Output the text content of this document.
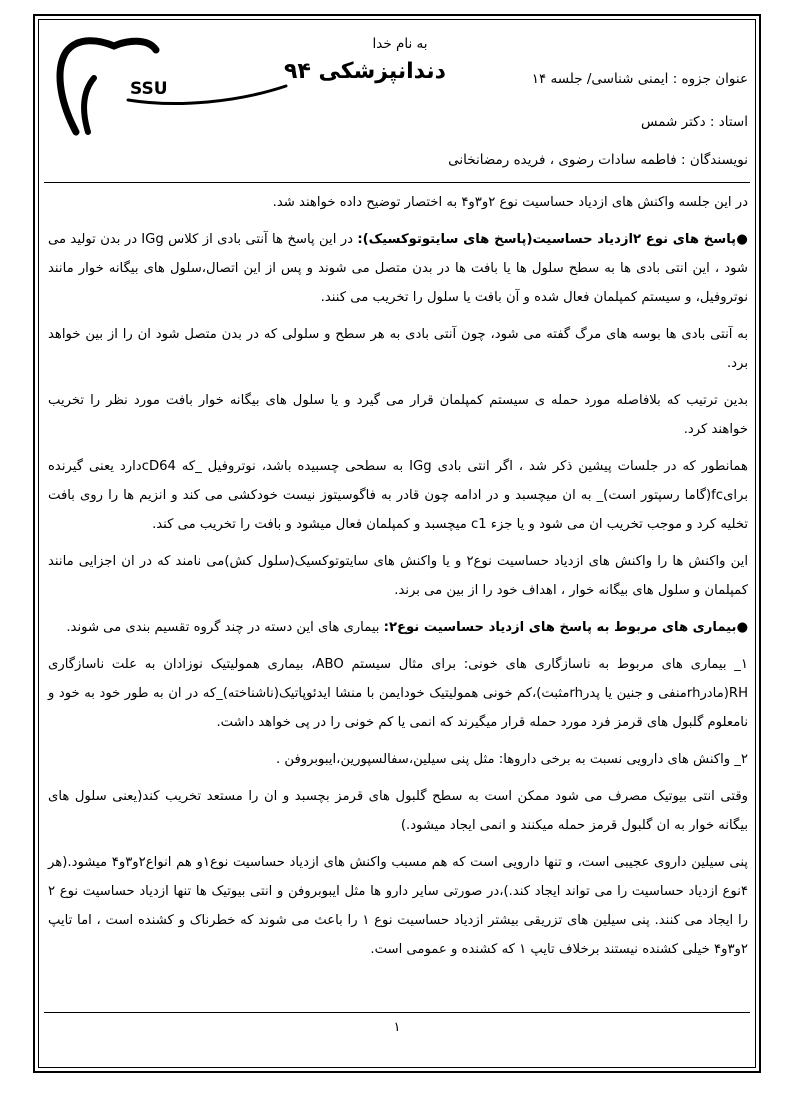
به نام خدا
دندانپزشکی ۹۴
SSU	عنوان جزوه : ایمنی شناسی/ جلسه ۱۴
استاد : دکتر شمس
نویسندگان : فاطمه سادات رضوی ، فریده رمضانخانی

در این جلسه واکنش های ازدیاد حساسیت نوع ۲و۳و۴ به اختصار توضیح داده خواهند شد.

●پاسخ های نوع ۲ازدیاد حساسیت(پاسخ های سایتوتوکسیک): در این پاسخ ها آنتی بادی از کلاس IGg در بدن تولید می شود ، این انتی بادی ها به سطح سلول ها یا بافت ها در بدن متصل می شوند و پس از این اتصال،سلول های بیگانه خوار مانند نوتروفیل، و سیستم کمپلمان فعال شده و آن بافت یا سلول را تخریب می کنند.

به آنتی بادی ها بوسه های مرگ گفته می شود، چون آنتی بادی به هر سطح و سلولی که در بدن متصل شود ان را از بین خواهد برد.

بدین ترتیب که بلافاصله مورد حمله ی سیستم کمپلمان قرار می گیرد و یا سلول های بیگانه خوار بافت مورد نظر را تخریب خواهند کرد.

همانطور که در جلسات پیشین ذکر شد ، اگر انتی بادی IGg به سطحی چسبیده باشد، نوتروفیل _که cD64دارد یعنی گیرنده برایfc(گاما رسپتور است)_ به ان میچسبد و در ادامه چون قادر به فاگوسیتوز نیست خودکشی می کند و انزیم ها را روی بافت تخلیه کرد و موجب تخریب ان می شود و یا جزء c1 میچسبد و کمپلمان فعال میشود و بافت را تخریب می کند.

این واکنش ها را واکنش های ازدیاد حساسیت نوع۲ و یا واکنش های سایتوتوکسیک(سلول کش)می نامند که در ان اجزایی مانند کمپلمان و سلول های بیگانه خوار ، اهداف خود را از بین می برند.

●بیماری های مربوط به پاسخ های ازدیاد حساسیت نوع۲: بیماری های این دسته در چند گروه تقسیم بندی می شوند.

۱_ بیماری های مربوط به ناسازگاری های خونی: برای مثال سیستم ABO، بیماری همولیتیک نوزادان به علت ناسازگاری RH(مادرrhمنفی و جنین یا پدرrhمثبت)،کم خونی همولیتیک خودایمن با منشا ایدئوپاتیک(ناشناخته)_که در ان به طور خود به خود و نامعلوم گلبول های قرمز فرد مورد حمله قرار میگیرند که انمی یا کم خونی را در پی خواهد داشت.

۲_ واکنش های دارویی نسبت به برخی داروها: مثل پنی سیلین،سفالسپورین،ایبوبروفن .

وقتی انتی بیوتیک مصرف می شود ممکن است به سطح گلبول های قرمز بچسبد و ان را مستعد تخریب کند(یعنی سلول های بیگانه خوار به ان گلبول قرمز حمله میکنند و انمی ایجاد میشود.)

پنی سیلین داروی عجیبی است، و تنها دارویی است که هم مسبب واکنش های ازدیاد حساسیت نوع۱و هم انواع۲و۳و۴ میشود.(هر ۴نوع ازدیاد حساسیت را می تواند ایجاد کند.)،در صورتی سایر دارو ها مثل ایبوبروفن و انتی بیوتیک ها تنها ازدیاد حساسیت نوع ۲ را ایجاد می کنند. پنی سیلین های تزریقی بیشتر ازدیاد حساسیت نوع ۱ را باعث می شوند که خطرناک و کشنده است ، اما تایپ ۲و۳و۴ خیلی کشنده نیستند برخلاف تایپ ۱ که کشنده و عمومی است.

۱
